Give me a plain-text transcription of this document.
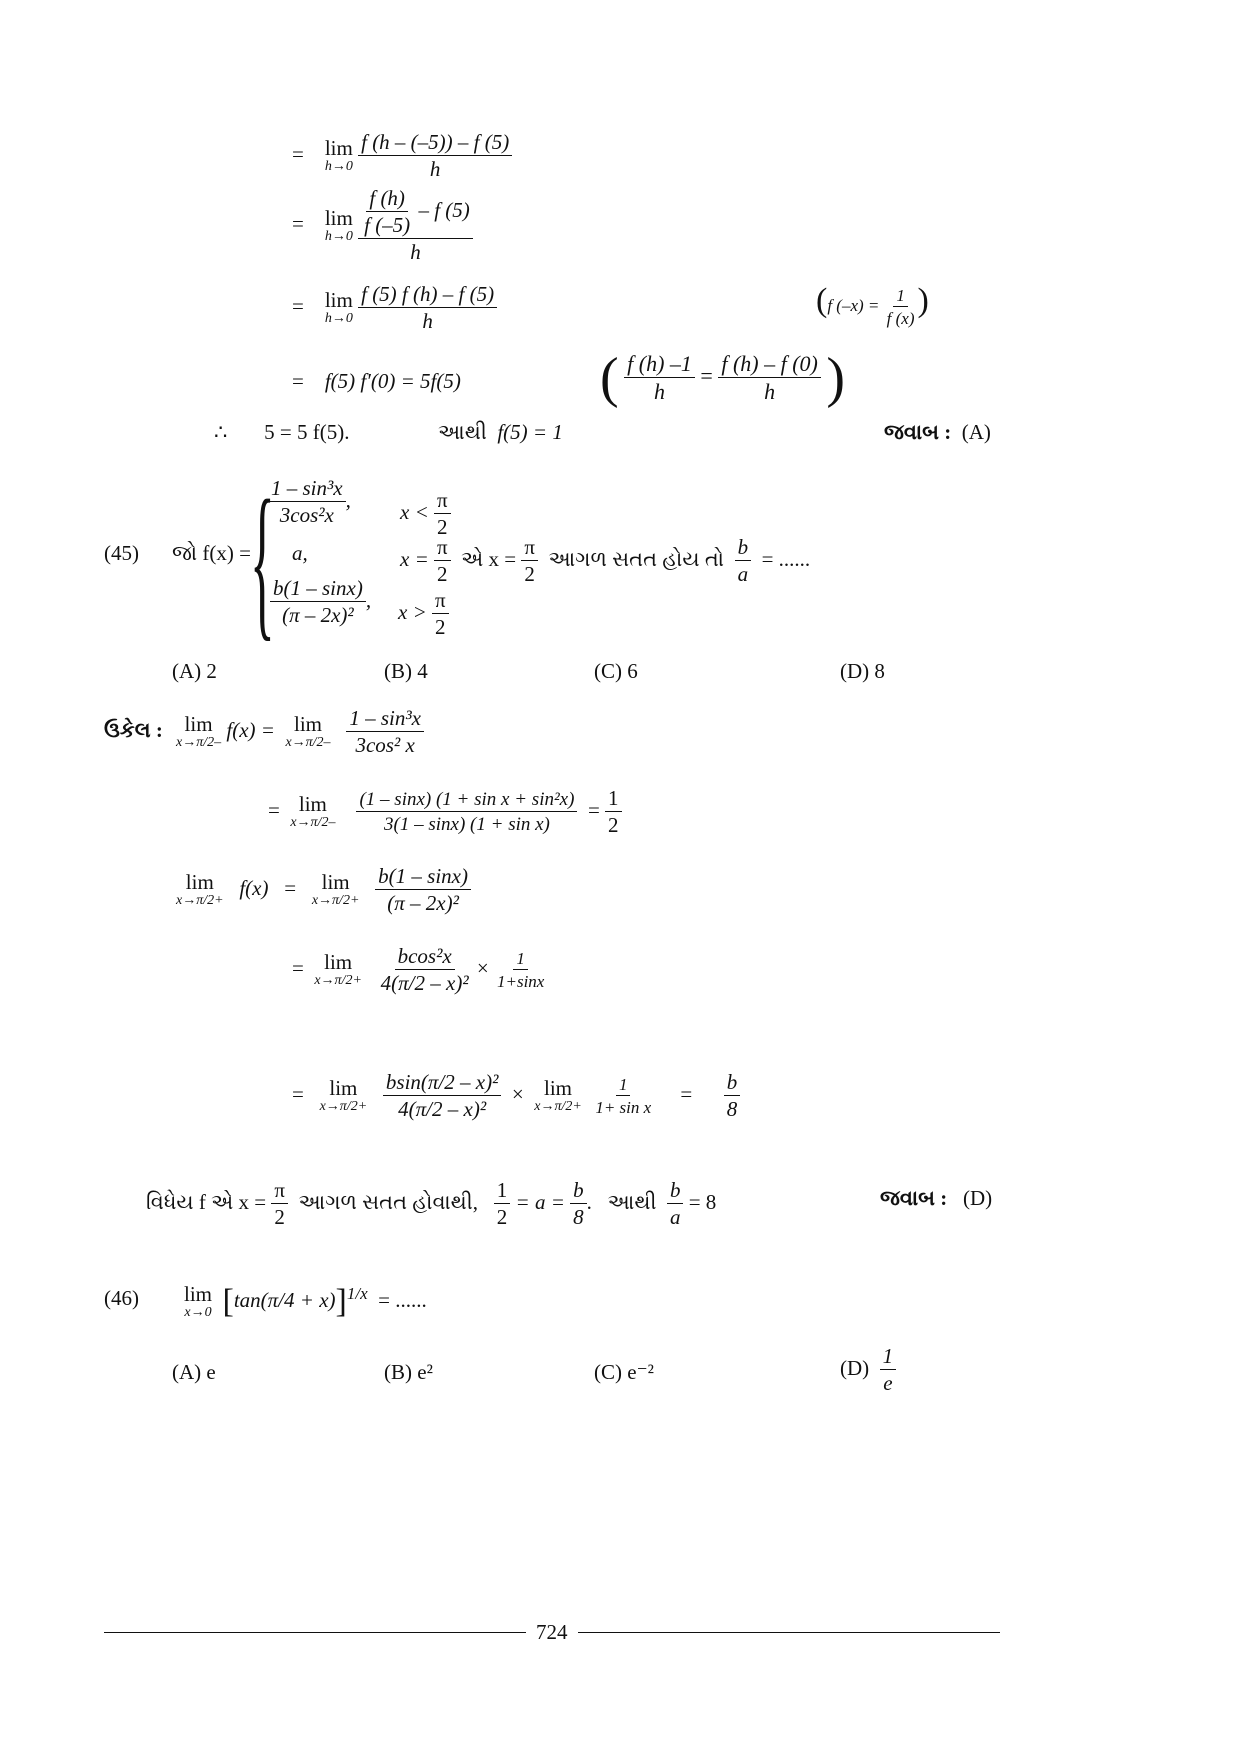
= lim
h→0
$\frac{f (h - (-5)) - f (5)}{h}$
= lim
h→0
$\frac{\frac{f (h)}{f (-5)} - f (5)}{h}$
= lim
h→0
$\frac{f (5) f (h) - f (5)}{h}$	(f $(-x) = \frac{1}{f (x)}$ )
= f(5) f′(0) = 5f(5) ( $\frac{f (h) -1}{h} = \frac{f (h) - f (0)}{h}$ )
∴ 5 = 5 f(5).	આથી f(5) = 1	જવાબ : (A)
(45) જો f(x) = {
$\frac{\text{1 – sin³x}}{\text{3cos²x}}$ , $x < \frac{\pi}{2}$
a,	$x = \frac{\pi}{2}$ એ $x = \frac{\pi}{2}$ આગળ સતત હોય તો $\frac{b}{a}$ = ......
$\frac{b(1 - \sin x)}{\text{(π – 2x)²}}$ , $x > \frac{\pi}{2}$
(A) 2	(B) 4	(C) 6	(D) 8
ઉકેલ : lim
x→π/2–
f(x) = lim
x→π/2–
$\frac{\text{1 – sin³x}}{\text{3cos² x}}$
= lim
x→π/2–
$\frac{\text{(1 – sinx) (1 + sin x + sin²x)}}{\text{3(1 – sinx) (1 + sin x)}} = \frac{1}{2}$
lim
x→π/2+
f(x)   = lim
x→π/2+
$\frac{b(1 - \sin x)}{\text{(π – 2x)²}}$
= lim
x→π/2+
$\frac{\text{bcos²x}}{\text{4(π/2 – x)²}} \times \frac{1}{1+\sin x}$
= lim
x→π/2+
$\frac{\text{bsin(π/2 – x)²}}{\text{4(π/2 – x)²}} \times \lim$
x→π/2+
$\frac{1}{\text{1+ sin x}} = \frac{b}{8}$
વિધેય f એ $x = \frac{\pi}{2}$ આગળ સતત હોવાથી, $\frac{1}{2} = a = \frac{b}{8}$ .   આથી $\frac{b}{a} = 8$	જવાબ : (D)
(46) lim
x→0 $[\tan(\pi/4 + x)]^{1/x}$ = ......
(A) e	(B) e²	(C) e⁻²	$(D) \frac{1}{e}$
724
